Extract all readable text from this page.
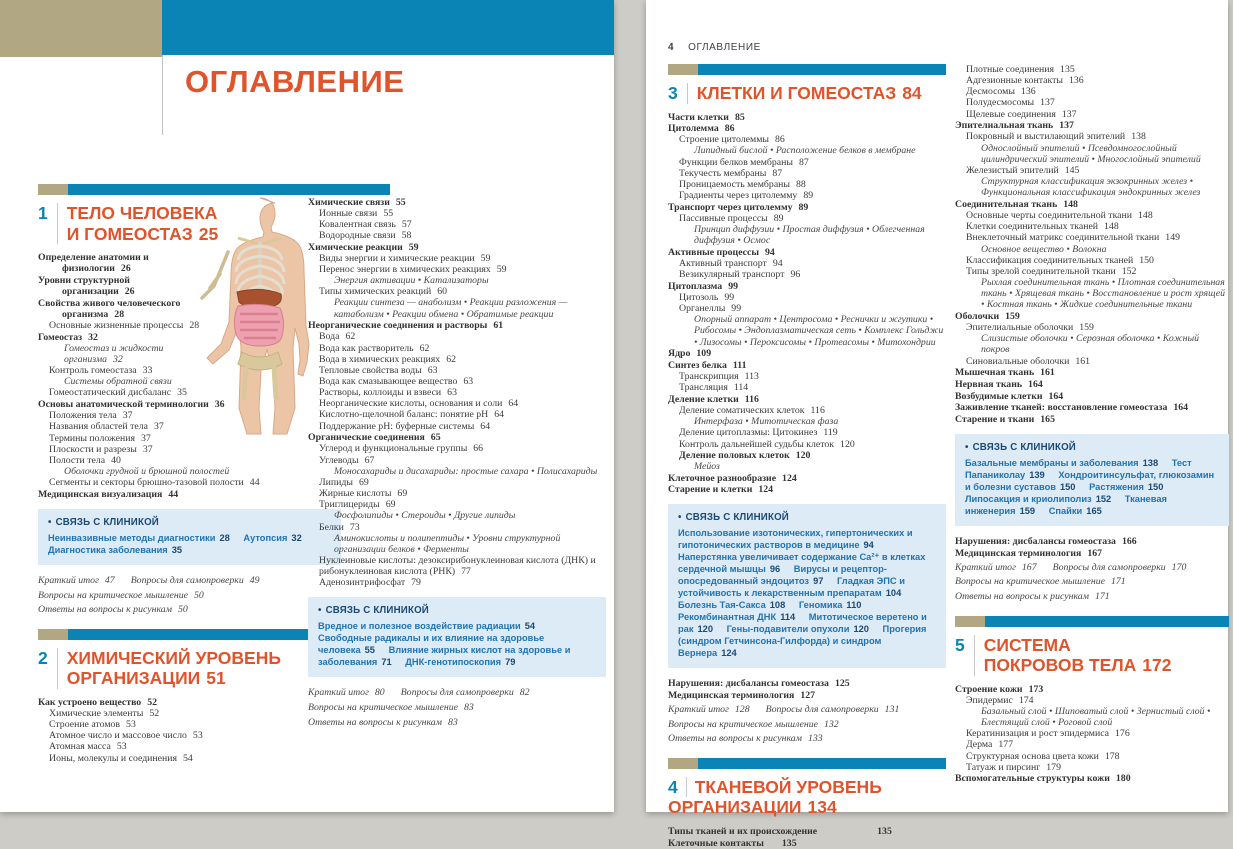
ОГЛАВЛЕНИЕ
1	ТЕЛО ЧЕЛОВЕКА
И ГОМЕОСТАЗ 25
Определение анатомии и физиологии 26
Уровни структурной организации 26
Свойства живого человеческого организма 28
Основные жизненные процессы 28
Гомеостаз 32
Гомеостаз и жидкости организма 32
Контроль гомеостаза 33
Системы обратной связи
Гомеостатический дисбаланс 35
Основы анатомической терминологии 36
Положения тела 37
Названия областей тела 37
Термины положения 37
Плоскости и разрезы 37
Полости тела 40
Оболочки грудной и брюшной полостей
Сегменты и секторы брюшно-тазовой полости 44
Медицинская визуализация 44
• СВЯЗЬ С КЛИНИКОЙ
Неинвазивные методы диагностики 28 Аутопсия 32 Диагностика заболевания 35
Краткий итог 47 Вопросы для самопроверки 49
Вопросы на критическое мышление 50
Ответы на вопросы к рисункам 50
2	ХИМИЧЕСКИЙ УРОВЕНЬ
ОРГАНИЗАЦИИ 51
Как устроено вещество 52
Химические элементы 52
Строение атомов 53
Атомное число и массовое число 53
Атомная масса 53
Ионы, молекулы и соединения 54
Химические связи 55
Ионные связи 55
Ковалентная связь 57
Водородные связи 58
Химические реакции 59
Виды энергии и химические реакции 59
Перенос энергии в химических реакциях 59
Энергия активации • Катализаторы
Типы химических реакций 60
Реакции синтеза — анаболизм • Реакции разложения — катаболизм • Реакции обмена • Обратимые реакции
Неорганические соединения и растворы 61
Вода 62
Вода как растворитель 62
Вода в химических реакциях 62
Тепловые свойства воды 63
Вода как смазывающее вещество 63
Растворы, коллоиды и взвеси 63
Неорганические кислоты, основания и соли 64
Кислотно-щелочной баланс: понятие pH 64
Поддержание pH: буферные системы 64
Органические соединения 65
Углерод и функциональные группы 66
Углеводы 67
Моносахариды и дисахариды: простые сахара • Полисахариды
Липиды 69
Жирные кислоты 69
Триглицериды 69
Фосфолипиды • Стероиды • Другие липиды
Белки 73
Аминокислоты и полипептиды • Уровни структурной организации белков • Ферменты
Нуклеиновые кислоты: дезоксирибонуклеиновая кислота (ДНК) и рибонуклеиновая кислота (РНК) 77
Аденозинтрифосфат 79
• СВЯЗЬ С КЛИНИКОЙ
Вредное и полезное воздействие радиации 54 Свободные радикалы и их влияние на здоровье человека 55 Влияние жирных кислот на здоровье и заболевания 71 ДНК-генотипоскопия 79
Краткий итог 80 Вопросы для самопроверки 82
Вопросы на критическое мышление 83
Ответы на вопросы к рисункам 83
4 ОГЛАВЛЕНИЕ
3	КЛЕТКИ И ГОМЕОСТАЗ 84
Части клетки 85
Цитолемма 86
Строение цитолеммы 86
Липидный бислой • Расположение белков в мембране
Функции белков мембраны 87
Текучесть мембраны 87
Проницаемость мембраны 88
Градиенты через цитолемму 89
Транспорт через цитолемму 89
Пассивные процессы 89
Принцип диффузии • Простая диффузия • Облегченная диффузия • Осмос
Активные процессы 94
Активный транспорт 94
Везикулярный транспорт 96
Цитоплазма 99
Цитозоль 99
Органеллы 99
Опорный аппарат • Центросома • Реснички и жгутики • Рибосомы • Эндоплазматическая сеть • Комплекс Гольджи • Лизосомы • Пероксисомы • Протеасомы • Митохондрии
Ядро 109
Синтез белка 111
Транскрипция 113
Трансляция 114
Деление клетки 116
Деление соматических клеток 116
Интерфаза • Митотическая фаза
Деление цитоплазмы: Цитокинез 119
Контроль дальнейшей судьбы клеток 120
Деление половых клеток 120
Мейоз
Клеточное разнообразие 124
Старение и клетки 124
• СВЯЗЬ С КЛИНИКОЙ
Использование изотонических, гипертонических и гипотонических растворов в медицине 94 Наперстянка увеличивает содержание Ca²⁺ в клетках сердечной мышцы 96 Вирусы и рецептор-опосредованный эндоцитоз 97 Гладкая ЭПС и устойчивость к лекарственным препаратам 104 Болезнь Тая-Сакса 108 Геномика 110 Рекомбинантная ДНК 114 Митотическое веретено и рак 120 Гены-подавители опухоли 120 Прогерия (синдром Гетчинсона-Гилфорда) и синдром Вернера 124
Нарушения: дисбалансы гомеостаза 125
Медицинская терминология 127
Краткий итог 128 Вопросы для самопроверки 131
Вопросы на критическое мышление 132
Ответы на вопросы к рисункам 133
4 ТКАНЕВОЙ УРОВЕНЬ
ОРГАНИЗАЦИИ 134
Типы тканей и их происхождение	135
Клеточные контакты 135
Плотные соединения 135
Адгезионные контакты 136
Десмосомы 136
Полудесмосомы 137
Щелевые соединения 137
Эпителиальная ткань 137
Покровный и выстилающий эпителий 138
Однослойный эпителий • Псевдомногослойный цилиндрический эпителий • Многослойный эпителий
Железистый эпителий 145
Структурная классификация экзокринных желез • Функциональная классификация эндокринных желез
Соединительная ткань 148
Основные черты соединительной ткани 148
Клетки соединительных тканей 148
Внеклеточный матрикс соединительной ткани 149
Основное вещество • Волокна
Классификация соединительных тканей 150
Типы зрелой соединительной ткани 152
Рыхлая соединительная ткань • Плотная соединительная ткань • Хрящевая ткань • Восстановление и рост хрящей • Костная ткань • Жидкие соединительные ткани
Оболочки 159
Эпителиальные оболочки 159
Слизистые оболочки • Серозная оболочка • Кожный покров
Синовиальные оболочки 161
Мышечная ткань 161
Нервная ткань 164
Возбудимые клетки 164
Заживление тканей: восстановление гомеостаза 164
Старение и ткани 165
• СВЯЗЬ С КЛИНИКОЙ
Базальные мембраны и заболевания 138 Тест Папаниколау 139 Хондроитинсульфат, глюкозамин и болезни суставов 150 Растяжения 150 Липосакция и криолиполиз 152 Тканевая инженерия 159 Спайки 165
Нарушения: дисбалансы гомеостаза 166
Медицинская терминология 167
Краткий итог 167 Вопросы для самопроверки 170
Вопросы на критическое мышление 171
Ответы на вопросы к рисункам 171
5	СИСТЕМА
ПОКРОВОВ ТЕЛА 172
Строение кожи 173
Эпидермис 174
Базальный слой • Шиповатый слой • Зернистый слой • Блестящий слой • Роговой слой
Кератинизация и рост эпидермиса 176
Дерма 177
Структурная основа цвета кожи 178
Татуаж и пирсинг 179
Вспомогательные структуры кожи 180
